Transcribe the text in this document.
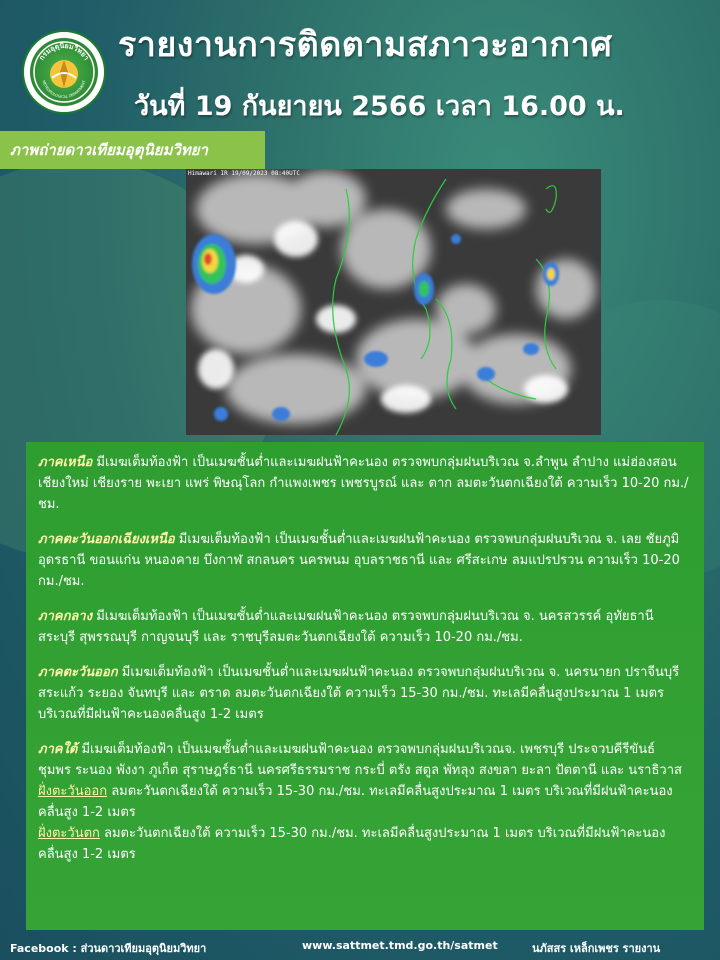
กรมอุตุนิยมวิทยา
METEOROLOGICAL DEPARTMENT
รายงานการติดตามสภาวะอากาศ
วันที่ 19 กันยายน 2566 เวลา 16.00 น.
ภาพถ่ายดาวเทียมอุตุนิยมวิทยา
Himawari IR 19/09/2023 08:40UTC
ภาคเหนือ มีเมฆเต็มท้องฟ้า เป็นเมฆชั้นต่ำและเมฆฝนฟ้าคะนอง ตรวจพบกลุ่มฝนบริเวณ จ.ลำพูน ลำปาง แม่ฮ่องสอน เชียงใหม่ เชียงราย พะเยา แพร่ พิษณุโลก กำแพงเพชร เพชรบูรณ์ และ ตาก ลมตะวันตกเฉียงใต้ ความเร็ว 10-20 กม./ชม.
ภาคตะวันออกเฉียงเหนือ มีเมฆเต็มท้องฟ้า เป็นเมฆชั้นต่ำและเมฆฝนฟ้าคะนอง ตรวจพบกลุ่มฝนบริเวณ จ. เลย ชัยภูมิ อุดรธานี ขอนแก่น หนองคาย บึงกาฬ สกลนคร นครพนม อุบลราชธานี และ ศรีสะเกษ ลมแปรปรวน ความเร็ว 10-20 กม./ชม.
ภาคกลาง มีเมฆเต็มท้องฟ้า เป็นเมฆชั้นต่ำและเมฆฝนฟ้าคะนอง ตรวจพบกลุ่มฝนบริเวณ จ. นครสวรรค์ อุทัยธานี สระบุรี สุพรรณบุรี กาญจนบุรี และ ราชบุรีลมตะวันตกเฉียงใต้ ความเร็ว 10-20 กม./ชม.
ภาคตะวันออก มีเมฆเต็มท้องฟ้า เป็นเมฆชั้นต่ำและเมฆฝนฟ้าคะนอง ตรวจพบกลุ่มฝนบริเวณ จ. นครนายก ปราจีนบุรี สระแก้ว ระยอง จันทบุรี และ ตราด ลมตะวันตกเฉียงใต้ ความเร็ว 15-30 กม./ชม. ทะเลมีคลื่นสูงประมาณ 1 เมตร บริเวณที่มีฝนฟ้าคะนองคลื่นสูง 1-2 เมตร
ภาคใต้ มีเมฆเต็มท้องฟ้า เป็นเมฆชั้นต่ำและเมฆฝนฟ้าคะนอง ตรวจพบกลุ่มฝนบริเวณจ. เพชรบุรี ประจวบคีรีขันธ์ ชุมพร ระนอง พังงา ภูเก็ต สุราษฎร์ธานี นครศรีธรรมราช กระบี่ ตรัง สตูล พัทลุง สงขลา ยะลา ปัตตานี และ นราธิวาส
ฝั่งตะวันออก ลมตะวันตกเฉียงใต้ ความเร็ว 15-30 กม./ชม. ทะเลมีคลื่นสูงประมาณ 1 เมตร บริเวณที่มีฝนฟ้าคะนองคลื่นสูง 1-2 เมตร
ฝั่งตะวันตก ลมตะวันตกเฉียงใต้ ความเร็ว 15-30 กม./ชม. ทะเลมีคลื่นสูงประมาณ 1 เมตร บริเวณที่มีฝนฟ้าคะนองคลื่นสูง 1-2 เมตร
Facebook : ส่วนดาวเทียมอุตุนิยมวิทยา	www.sattmet.tmd.go.th/satmet	นภัสสร เหล็กเพชร รายงาน
